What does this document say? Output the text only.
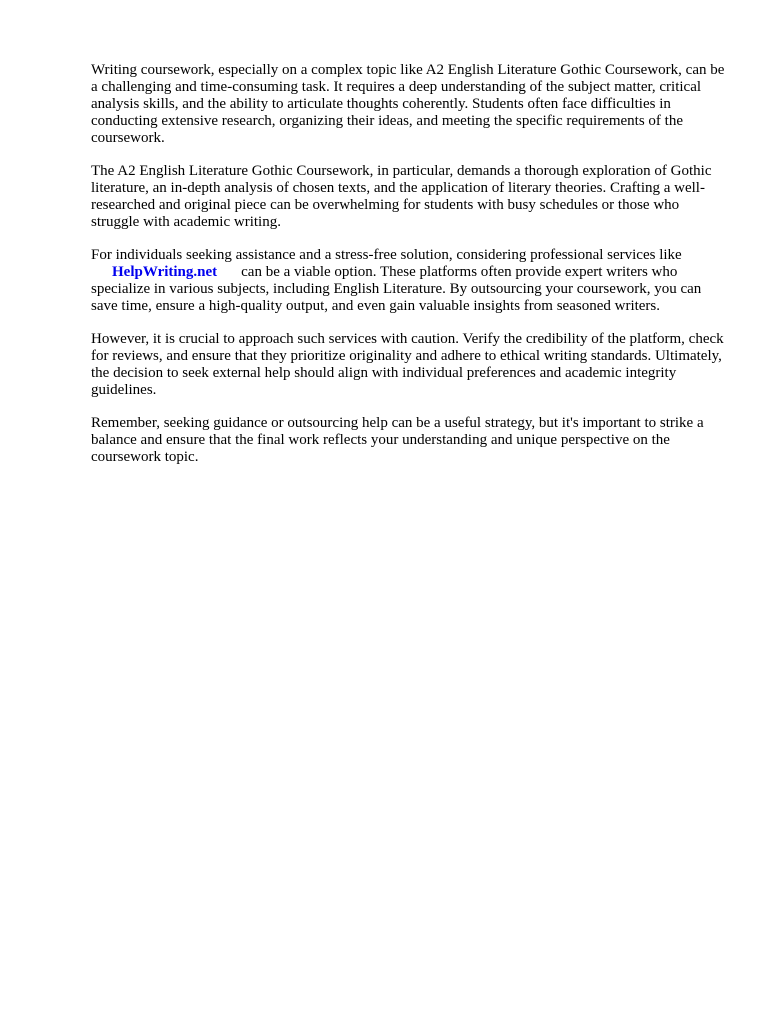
Writing coursework, especially on a complex topic like A2 English Literature Gothic Coursework, can be a challenging and time-consuming task. It requires a deep understanding of the subject matter, critical analysis skills, and the ability to articulate thoughts coherently. Students often face difficulties in conducting extensive research, organizing their ideas, and meeting the specific requirements of the coursework.

The A2 English Literature Gothic Coursework, in particular, demands a thorough exploration of Gothic literature, an in-depth analysis of chosen texts, and the application of literary theories. Crafting a well-researched and original piece can be overwhelming for students with busy schedules or those who struggle with academic writing.

For individuals seeking assistance and a stress-free solution, considering professional services like
HelpWriting.net can be a viable option. These platforms often provide expert writers who specialize in various subjects, including English Literature. By outsourcing your coursework, you can save time, ensure a high-quality output, and even gain valuable insights from seasoned writers.

However, it is crucial to approach such services with caution. Verify the credibility of the platform, check for reviews, and ensure that they prioritize originality and adhere to ethical writing standards. Ultimately, the decision to seek external help should align with individual preferences and academic integrity guidelines.

Remember, seeking guidance or outsourcing help can be a useful strategy, but it's important to strike a balance and ensure that the final work reflects your understanding and unique perspective on the coursework topic.
